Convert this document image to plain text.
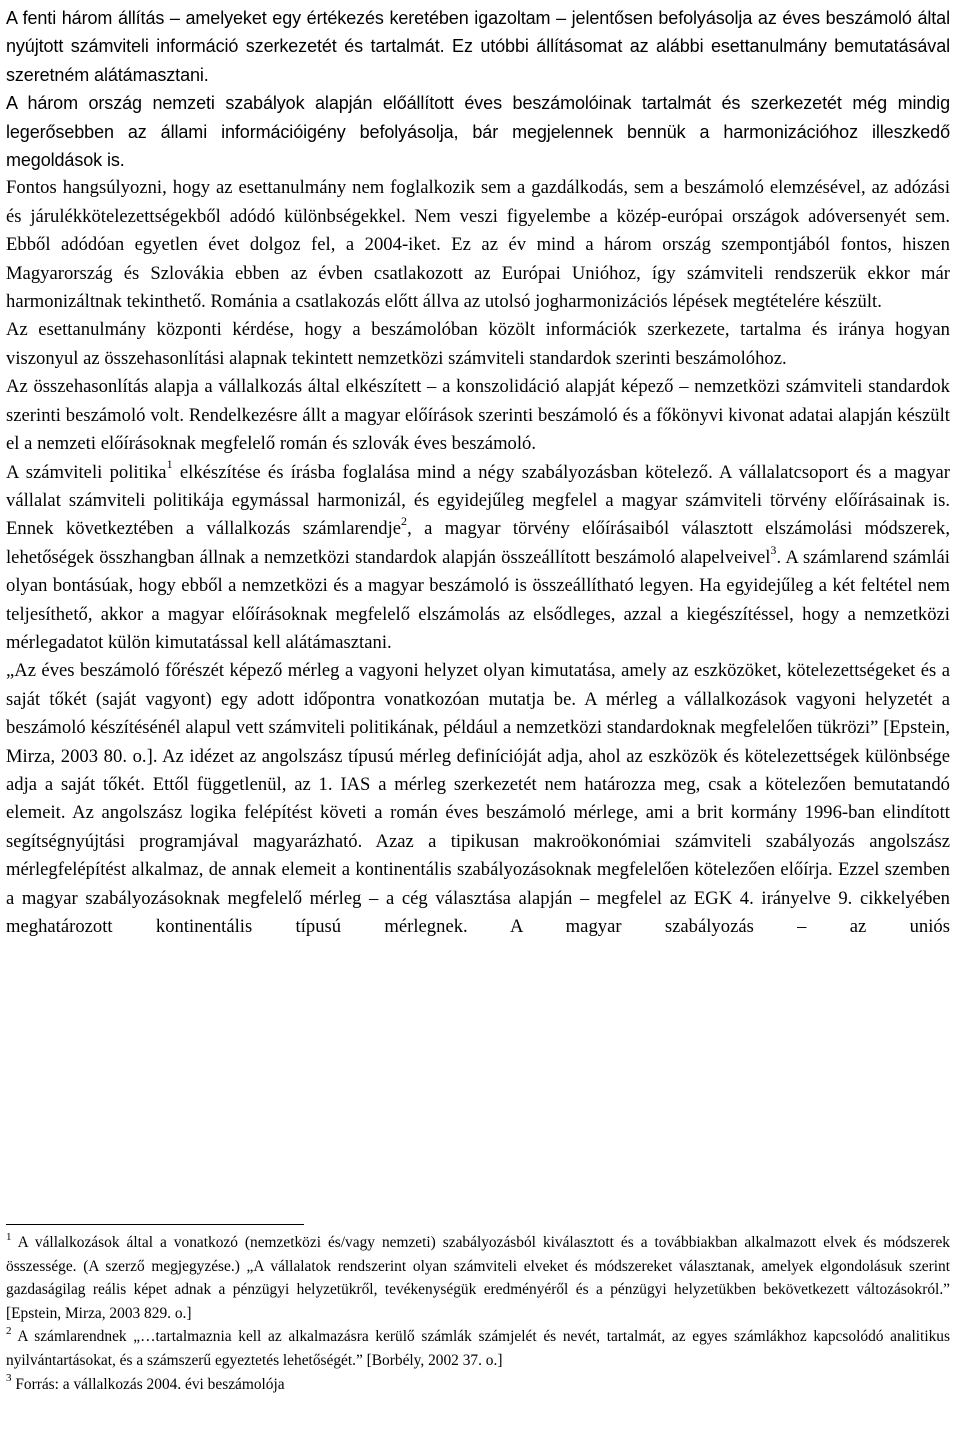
A fenti három állítás – amelyeket egy értékezés keretében igazoltam – jelentősen befolyásolja az éves beszámoló által nyújtott számviteli információ szerkezetét és tartalmát. Ez utóbbi állításomat az alábbi esettanulmány bemutatásával szeretném alátámasztani.

A három ország nemzeti szabályok alapján előállított éves beszámolóinak tartalmát és szerkezetét még mindig legerősebben az állami információigény befolyásolja, bár megjelennek bennük a harmonizációhoz illeszkedő megoldások is.

Fontos hangsúlyozni, hogy az esettanulmány nem foglalkozik sem a gazdálkodás, sem a beszámoló elemzésével, az adózási és járulékkötelezettségekből adódó különbségekkel. Nem veszi figyelembe a közép-európai országok adóversenyét sem. Ebből adódóan egyetlen évet dolgoz fel, a 2004-iket. Ez az év mind a három ország szempontjából fontos, hiszen Magyarország és Szlovákia ebben az évben csatlakozott az Európai Unióhoz, így számviteli rendszerük ekkor már harmonizáltnak tekinthető. Románia a csatlakozás előtt állva az utolsó jogharmonizációs lépések megtételére készült.

Az esettanulmány központi kérdése, hogy a beszámolóban közölt információk szerkezete, tartalma és iránya hogyan viszonyul az összehasonlítási alapnak tekintett nemzetközi számviteli standardok szerinti beszámolóhoz.

Az összehasonlítás alapja a vállalkozás által elkészített – a konszolidáció alapját képező – nemzetközi számviteli standardok szerinti beszámoló volt. Rendelkezésre állt a magyar előírások szerinti beszámoló és a főkönyvi kivonat adatai alapján készült el a nemzeti előírásoknak megfelelő román és szlovák éves beszámoló.

A számviteli politika$^1$ elkészítése és írásba foglalása mind a négy szabályozásban kötelező. A vállalatcsoport és a magyar vállalat számviteli politikája egymással harmonizál, és egyidejűleg megfelel a magyar számviteli törvény előírásainak is. Ennek következtében a vállalkozás számlarendje$^2$, a magyar törvény előírásaiból választott elszámolási módszerek, lehetőségek összhangban állnak a nemzetközi standardok alapján összeállított beszámoló alapelveivel$^3$. A számlarend számlái olyan bontásúak, hogy ebből a nemzetközi és a magyar beszámoló is összeállítható legyen. Ha egyidejűleg a két feltétel nem teljesíthető, akkor a magyar előírásoknak megfelelő elszámolás az elsődleges, azzal a kiegészítéssel, hogy a nemzetközi mérlegadatot külön kimutatással kell alátámasztani.

„Az éves beszámoló főrészét képező mérleg a vagyoni helyzet olyan kimutatása, amely az eszközöket, kötelezettségeket és a saját tőkét (saját vagyont) egy adott időpontra vonatkozóan mutatja be. A mérleg a vállalkozások vagyoni helyzetét a beszámoló készítésénél alapul vett számviteli politikának, például a nemzetközi standardoknak megfelelően tükrözi” [Epstein, Mirza, 2003 80. o.]. Az idézet az angolszász típusú mérleg definícióját adja, ahol az eszközök és kötelezettségek különbsége adja a saját tőkét. Ettől függetlenül, az 1. IAS a mérleg szerkezetét nem határozza meg, csak a kötelezően bemutatandó elemeit. Az angolszász logika felépítést követi a román éves beszámoló mérlege, ami a brit kormány 1996-ban elindított segítségnyújtási programjával magyarázható. Azaz a tipikusan makroökonómiai számviteli szabályozás angolszász mérlegfelépítést alkalmaz, de annak elemeit a kontinentális szabályozásoknak megfelelően kötelezően előírja. Ezzel szemben a magyar szabályozásoknak megfelelő mérleg – a cég választása alapján – megfelel az EGK 4. irányelve 9. cikkelyében meghatározott kontinentális típusú mérlegnek. A magyar szabályozás – az uniós

$^1$ A vállalkozások által a vonatkozó (nemzetközi és/vagy nemzeti) szabályozásból kiválasztott és a továbbiakban alkalmazott elvek és módszerek összessége. (A szerző megjegyzése.) „A vállalatok rendszerint olyan számviteli elveket és módszereket választanak, amelyek elgondolásuk szerint gazdaságilag reális képet adnak a pénzügyi helyzetükről, tevékenységük eredményéről és a pénzügyi helyzetükben bekövetkezett változásokról.” [Epstein, Mirza, 2003 829. o.]

$^2$ A számlarendnek „…tartalmaznia kell az alkalmazásra kerülő számlák számjelét és nevét, tartalmát, az egyes számlákhoz kapcsolódó analitikus nyilvántartásokat, és a számszerű egyeztetés lehetőségét.” [Borbély, 2002 37. o.]

$^3$ Forrás: a vállalkozás 2004. évi beszámolója
